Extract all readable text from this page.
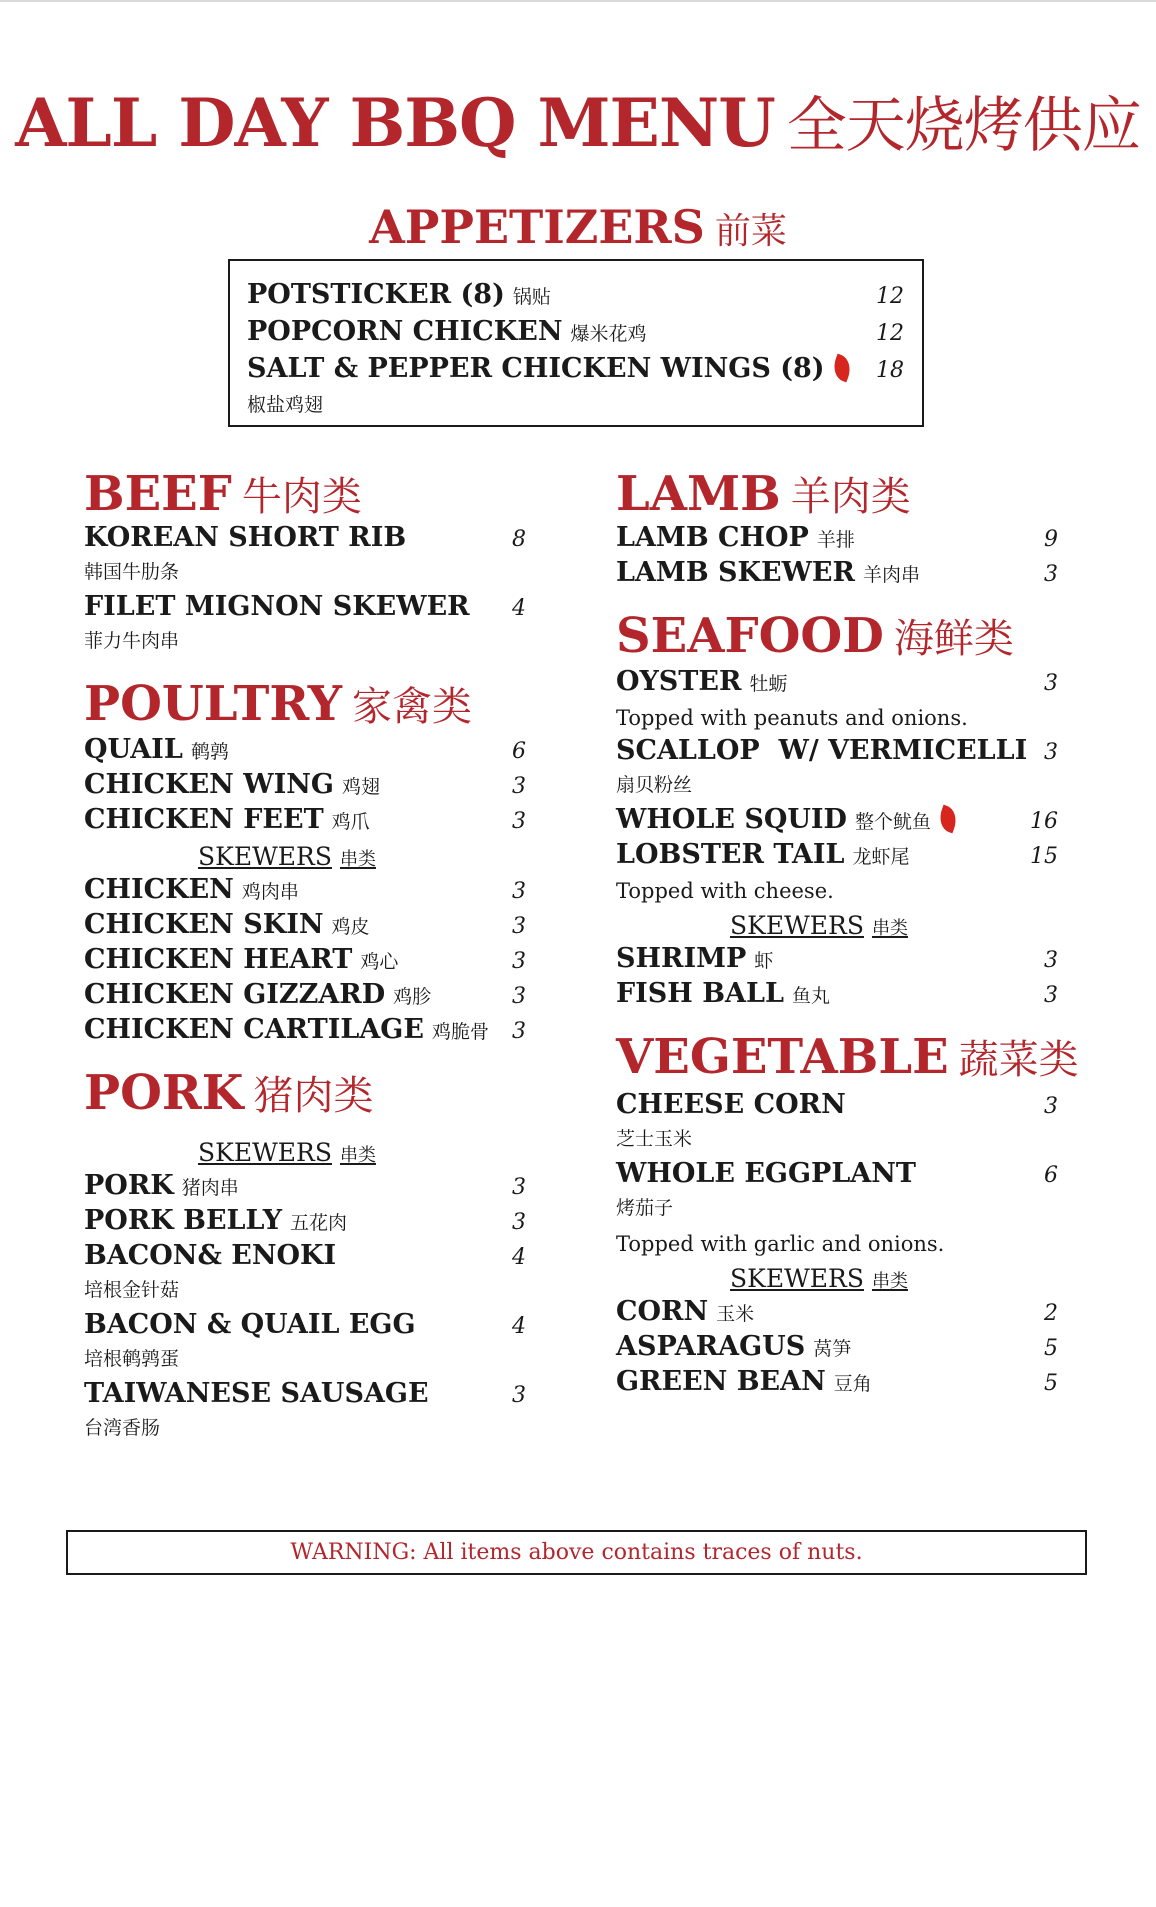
ALL DAY BBQ MENU 全天烧烤供应
APPETIZERS 前菜
POTSTICKER (8) 锅贴	12
POPCORN CHICKEN 爆米花鸡	12
SALT & PEPPER CHICKEN WINGS (8)	18
椒盐鸡翅
BEEF 牛肉类
KOREAN SHORT RIB	8
韩国牛肋条
FILET MIGNON SKEWER 4
菲力牛肉串
POULTRY 家禽类
QUAIL 鹌鹑	6
CHICKEN WING 鸡翅	3
CHICKEN FEET 鸡爪	3
SKEWERS 串类
CHICKEN 鸡肉串	3
CHICKEN SKIN 鸡皮	3
CHICKEN HEART 鸡心	3
CHICKEN GIZZARD 鸡胗	3
CHICKEN CARTILAGE 鸡脆骨 3
PORK 猪肉类
SKEWERS 串类
PORK 猪肉串	3
PORK BELLY 五花肉	3
BACON& ENOKI	4
培根金针菇
BACON & QUAIL EGG	4
培根鹌鹑蛋
TAIWANESE SAUSAGE	3
台湾香肠
LAMB 羊肉类
LAMB CHOP 羊排	9
LAMB SKEWER 羊肉串	3
SEAFOOD 海鲜类
OYSTER 牡蛎	3
Topped with peanuts and onions.
SCALLOP  W/ VERMICELLI 3
扇贝粉丝
WHOLE SQUID 整个鱿鱼	16
LOBSTER TAIL 龙虾尾	15
Topped with cheese.
SKEWERS 串类
SHRIMP 虾	3
FISH BALL 鱼丸	3
VEGETABLE 蔬菜类
CHEESE CORN	3
芝士玉米
WHOLE EGGPLANT	6
烤茄子
Topped with garlic and onions.
SKEWERS 串类
CORN 玉米	2
ASPARAGUS 莴笋	5
GREEN BEAN 豆角	5
WARNING: All items above contains traces of nuts.
